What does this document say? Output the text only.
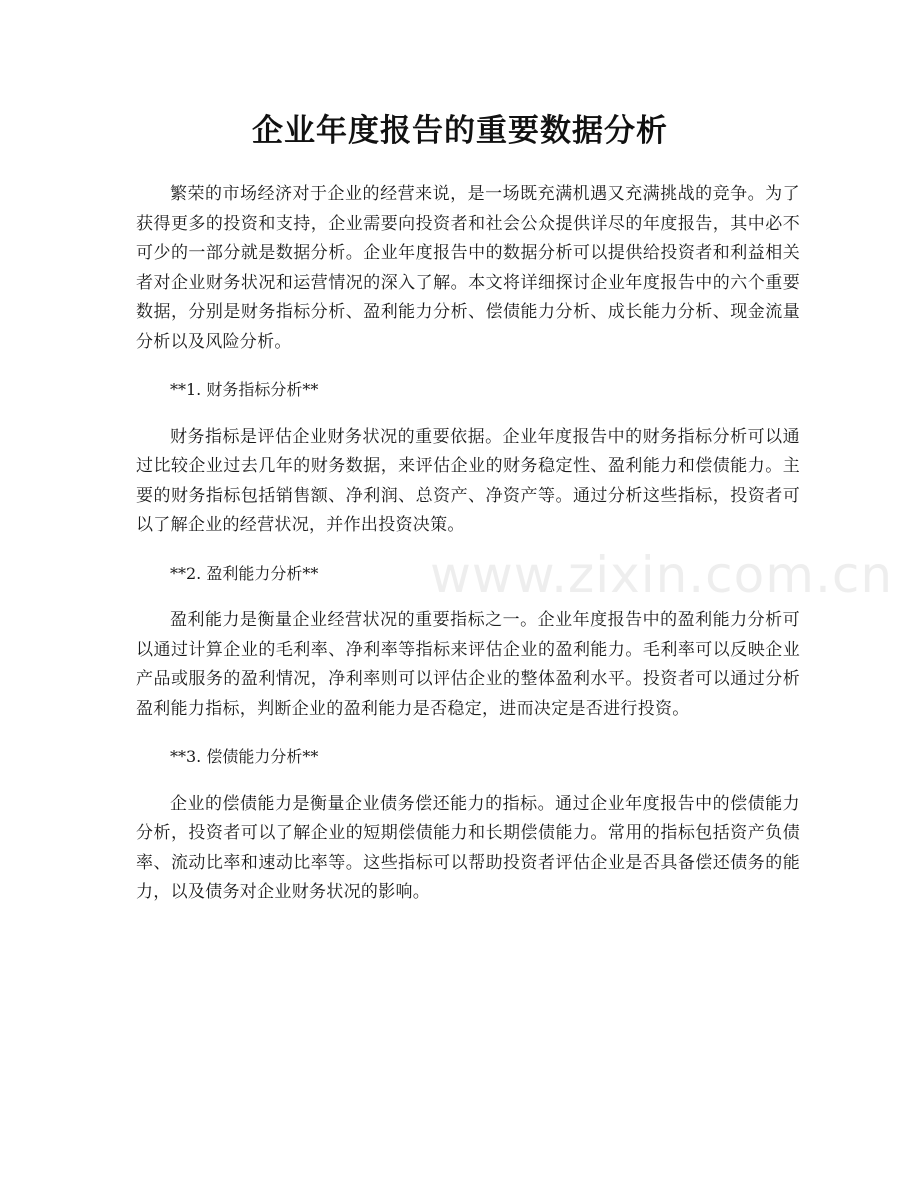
企业年度报告的重要数据分析

繁荣的市场经济对于企业的经营来说，是一场既充满机遇又充满挑战的竞争。为了获得更多的投资和支持，企业需要向投资者和社会公众提供详尽的年度报告，其中必不可少的一部分就是数据分析。企业年度报告中的数据分析可以提供给投资者和利益相关者对企业财务状况和运营情况的深入了解。本文将详细探讨企业年度报告中的六个重要数据，分别是财务指标分析、盈利能力分析、偿债能力分析、成长能力分析、现金流量分析以及风险分析。

**1. 财务指标分析**

财务指标是评估企业财务状况的重要依据。企业年度报告中的财务指标分析可以通过比较企业过去几年的财务数据，来评估企业的财务稳定性、盈利能力和偿债能力。主要的财务指标包括销售额、净利润、总资产、净资产等。通过分析这些指标，投资者可以了解企业的经营状况，并作出投资决策。

**2. 盈利能力分析**

盈利能力是衡量企业经营状况的重要指标之一。企业年度报告中的盈利能力分析可以通过计算企业的毛利率、净利率等指标来评估企业的盈利能力。毛利率可以反映企业产品或服务的盈利情况，净利率则可以评估企业的整体盈利水平。投资者可以通过分析盈利能力指标，判断企业的盈利能力是否稳定，进而决定是否进行投资。

**3. 偿债能力分析**

企业的偿债能力是衡量企业债务偿还能力的指标。通过企业年度报告中的偿债能力分析，投资者可以了解企业的短期偿债能力和长期偿债能力。常用的指标包括资产负债率、流动比率和速动比率等。这些指标可以帮助投资者评估企业是否具备偿还债务的能力，以及债务对企业财务状况的影响。

www.zixin.com.cn
